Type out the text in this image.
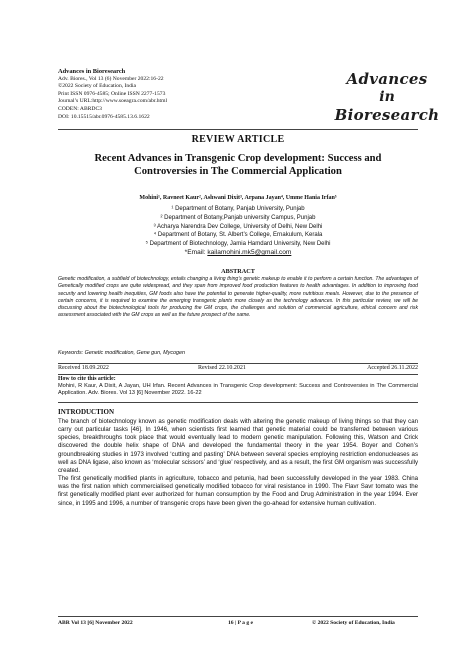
Advances in Bioresearch
Adv. Biores., Vol 13 (6) November 2022:16-22
©2022 Society of Education, India
Print ISSN 0976-4585; Online ISSN 2277-1573
Journal’s URL:http://www.soeagra.com/abr.html
CODEN: ABRDC3
DOI: 10.15515/abr.0976-4585.13.6.1622
Advances
in
Bioresearch
REVIEW ARTICLE
Recent Advances in Transgenic Crop development: Success and
Controversies in The Commercial Application
Mohini¹, Ravneet Kaur², Ashwani Dixit³, Arpana Jayan⁴, Umme Hania Irfan⁵
¹ Department of Botany, Panjab University, Punjab
² Department of Botany,Panjab university Campus, Punjab
³ Acharya Narendra Dev College, University of Delhi, New Delhi
⁴ Department of Botany, St. Albert’s College, Ernakulum, Kerala
⁵ Department of Biotechnology, Jamia Hamdard University, New Delhi
*Email: kailamohini.mk5@gmail.com
ABSTRACT
Genetic modification, a subfield of biotechnology, entails changing a living thing’s genetic makeup to enable it to perform a certain function. The advantages of Genetically modified crops are quite widespread, and they span from improved food production features to health advantages. In addition to improving food security and lowering health inequities, GM foods also have the potential to generate higher-quality, more nutritious meals. However, due to the presence of certain concerns, it is required to examine the emerging transgenic plants more closely as the technology advances. In this particular review, we will be discussing about the biotechnological tools for producing the GM crops, the challenges and solution of commercial agriculture, ethical concern and risk assessment associated with the GM crops as well as the future prospect of the same.
Keywords: Genetic modification, Gene gun, Mycogen
Received 18.09.2022	Revised 22.10.2021	Accepted 26.11.2022
How to cite this article:
Mohini, R Kaur, A Dixit, A Jayan, UH Irfan. Recent Advances in Transgenic Crop development: Success and Controversies in The Commercial Application. Adv. Biores. Vol 13 [6] November 2022. 16-22
INTRODUCTION

The branch of biotechnology known as genetic modification deals with altering the genetic makeup of living things so that they can carry out particular tasks [46]. In 1946, when scientists first learned that genetic material could be transferred between various species, breakthroughs took place that would eventually lead to modern genetic manipulation. Following this, Watson and Crick discovered the double helix shape of DNA and developed the fundamental theory in the year 1954. Boyer and Cohen’s groundbreaking studies in 1973 involved ‘cutting and pasting’ DNA between several species employing restriction endonucleases as well as DNA ligase, also known as ‘molecular scissors’ and ‘glue’ respectively, and as a result, the first GM organism was successfully created.

The first genetically modified plants in agriculture, tobacco and petunia, had been successfully developed in the year 1983. China was the first nation which commercialised genetically modified tobacco for viral resistance in 1990. The Flavr Savr tomato was the first genetically modified plant ever authorized for human consumption by the Food and Drug Administration in the year 1994. Ever since, in 1995 and 1996, a number of transgenic crops have been given the go-ahead for extensive human cultivation.

ABR Vol 13 [6] November 2022	16 | P a g e	© 2022 Society of Education, India
